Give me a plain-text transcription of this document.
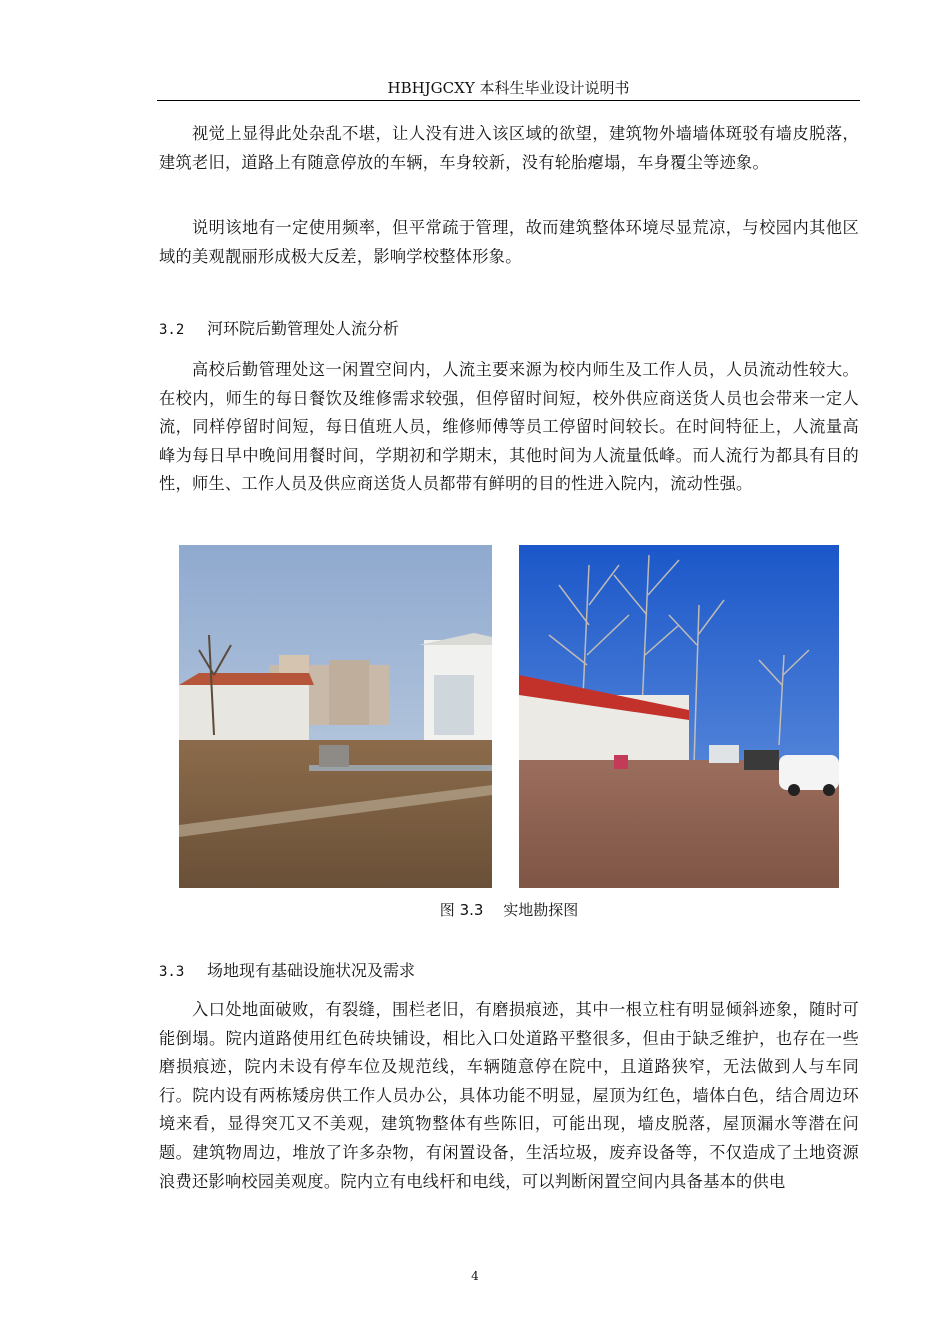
HBHJGCXY 本科生毕业设计说明书

视觉上显得此处杂乱不堪，让人没有进入该区域的欲望，建筑物外墙墙体斑驳有墙皮脱落，建筑老旧，道路上有随意停放的车辆，车身较新，没有轮胎瘪塌，车身覆尘等迹象。

说明该地有一定使用频率，但平常疏于管理，故而建筑整体环境尽显荒凉，与校园内其他区域的美观靓丽形成极大反差，影响学校整体形象。

3.2 河环院后勤管理处人流分析

高校后勤管理处这一闲置空间内，人流主要来源为校内师生及工作人员，人员流动性较大。在校内，师生的每日餐饮及维修需求较强，但停留时间短，校外供应商送货人员也会带来一定人流，同样停留时间短，每日值班人员，维修师傅等员工停留时间较长。在时间特征上，人流量高峰为每日早中晚间用餐时间，学期初和学期末，其他时间为人流量低峰。而人流行为都具有目的性，师生、工作人员及供应商送货人员都带有鲜明的目的性进入院内，流动性强。

图 3.3　 实地勘探图
3.3 场地现有基础设施状况及需求

入口处地面破败，有裂缝，围栏老旧，有磨损痕迹，其中一根立柱有明显倾斜迹象，随时可能倒塌。院内道路使用红色砖块铺设，相比入口处道路平整很多，但由于缺乏维护，也存在一些磨损痕迹，院内未设有停车位及规范线，车辆随意停在院中，且道路狭窄，无法做到人与车同行。院内设有两栋矮房供工作人员办公，具体功能不明显，屋顶为红色，墙体白色，结合周边环境来看，显得突兀又不美观，建筑物整体有些陈旧，可能出现，墙皮脱落，屋顶漏水等潜在问题。建筑物周边，堆放了许多杂物，有闲置设备，生活垃圾，废弃设备等，不仅造成了土地资源浪费还影响校园美观度。院内立有电线杆和电线，可以判断闲置空间内具备基本的供电

4
